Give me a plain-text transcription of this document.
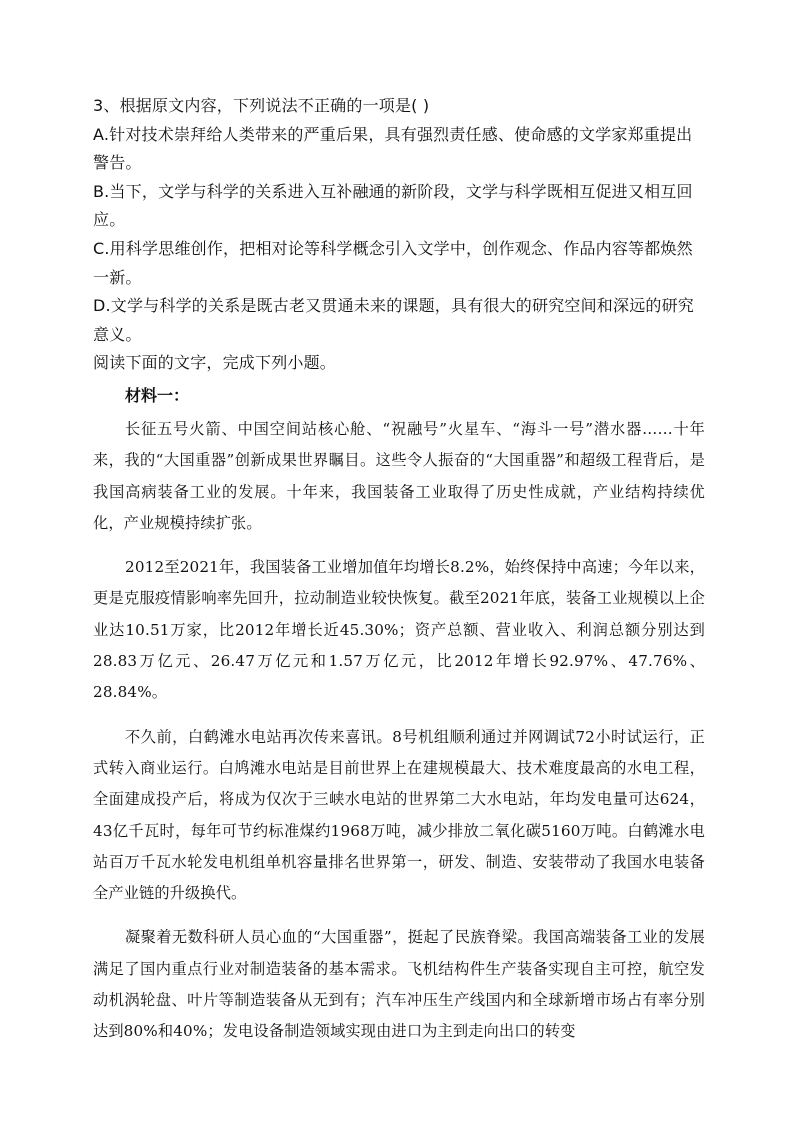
3、根据原文内容，下列说法不正确的一项是( )

A.针对技术崇拜给人类带来的严重后果，具有强烈责任感、使命感的文学家郑重提出警告。

B.当下，文学与科学的关系进入互补融通的新阶段，文学与科学既相互促进又相互回应。

C.用科学思维创作，把相对论等科学概念引入文学中，创作观念、作品内容等都焕然一新。

D.文学与科学的关系是既古老又贯通未来的课题，具有很大的研究空间和深远的研究意义。

阅读下面的文字，完成下列小题。

材料一：

长征五号火箭、中国空间站核心舱、“祝融号”火星车、“海斗一号”潜水器……十年来，我的“大国重器”创新成果世界瞩目。这些令人振奋的“大国重器”和超级工程背后，是我国高病装备工业的发展。十年来，我国装备工业取得了历史性成就，产业结构持续优化，产业规模持续扩张。

2012至2021年，我国装备工业增加值年均增长8.2%，始终保持中高速；今年以来，更是克服疫情影响率先回升，拉动制造业较快恢复。截至2021年底，装备工业规模以上企业达10.51万家，比2012年增长近45.30%；资产总额、营业收入、利润总额分别达到28.83万亿元、26.47万亿元和1.57万亿元，比2012年增长92.97%、47.76%、28.84%。

不久前，白鹤滩水电站再次传来喜讯。8号机组顺利通过并网调试72小时试运行，正式转入商业运行。白鸠滩水电站是目前世界上在建规模最大、技术难度最高的水电工程，全面建成投产后，将成为仅次于三峡水电站的世界第二大水电站，年均发电量可达624，43亿千瓦时，每年可节约标准煤约1968万吨，减少排放二氧化碳5160万吨。白鹤滩水电站百万千瓦水轮发电机组单机容量排名世界第一，研发、制造、安装带动了我国水电装备全产业链的升级换代。

凝聚着无数科研人员心血的“大国重器”，挺起了民族脊梁。我国高端装备工业的发展满足了国内重点行业对制造装备的基本需求。飞机结构件生产装备实现自主可控，航空发动机涡轮盘、叶片等制造装备从无到有；汽车冲压生产线国内和全球新增市场占有率分别达到80%和40%；发电设备制造领域实现由进口为主到走向出口的转变
